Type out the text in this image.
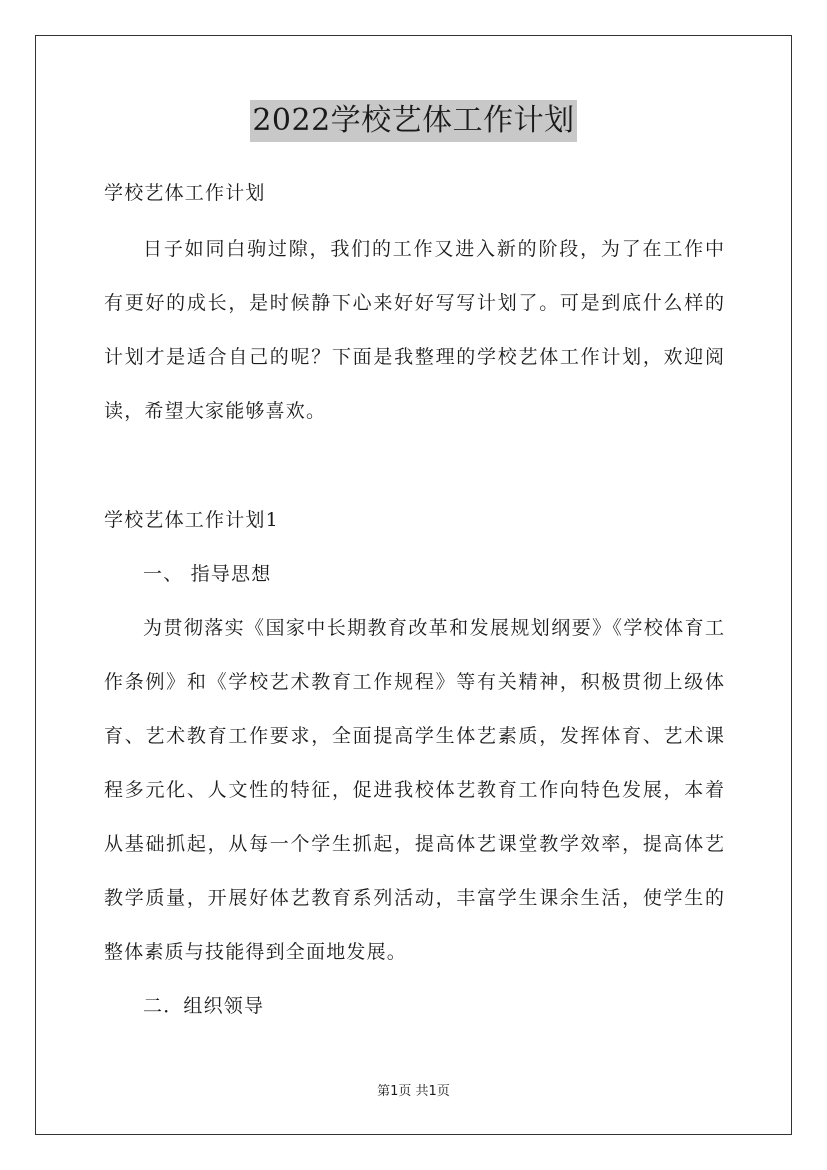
2022学校艺体工作计划
学校艺体工作计划
日子如同白驹过隙，我们的工作又进入新的阶段，为了在工作中
有更好的成长，是时候静下心来好好写写计划了。可是到底什么样的
计划才是适合自己的呢？下面是我整理的学校艺体工作计划，欢迎阅
读，希望大家能够喜欢。
学校艺体工作计划1
一、 指导思想
为贯彻落实《国家中长期教育改革和发展规划纲要》《学校体育工
作条例》和《学校艺术教育工作规程》等有关精神，积极贯彻上级体
育、艺术教育工作要求，全面提高学生体艺素质，发挥体育、艺术课
程多元化、人文性的特征，促进我校体艺教育工作向特色发展，本着
从基础抓起，从每一个学生抓起，提高体艺课堂教学效率，提高体艺
教学质量，开展好体艺教育系列活动，丰富学生课余生活，使学生的
整体素质与技能得到全面地发展。
二．组织领导
第1页 共1页
